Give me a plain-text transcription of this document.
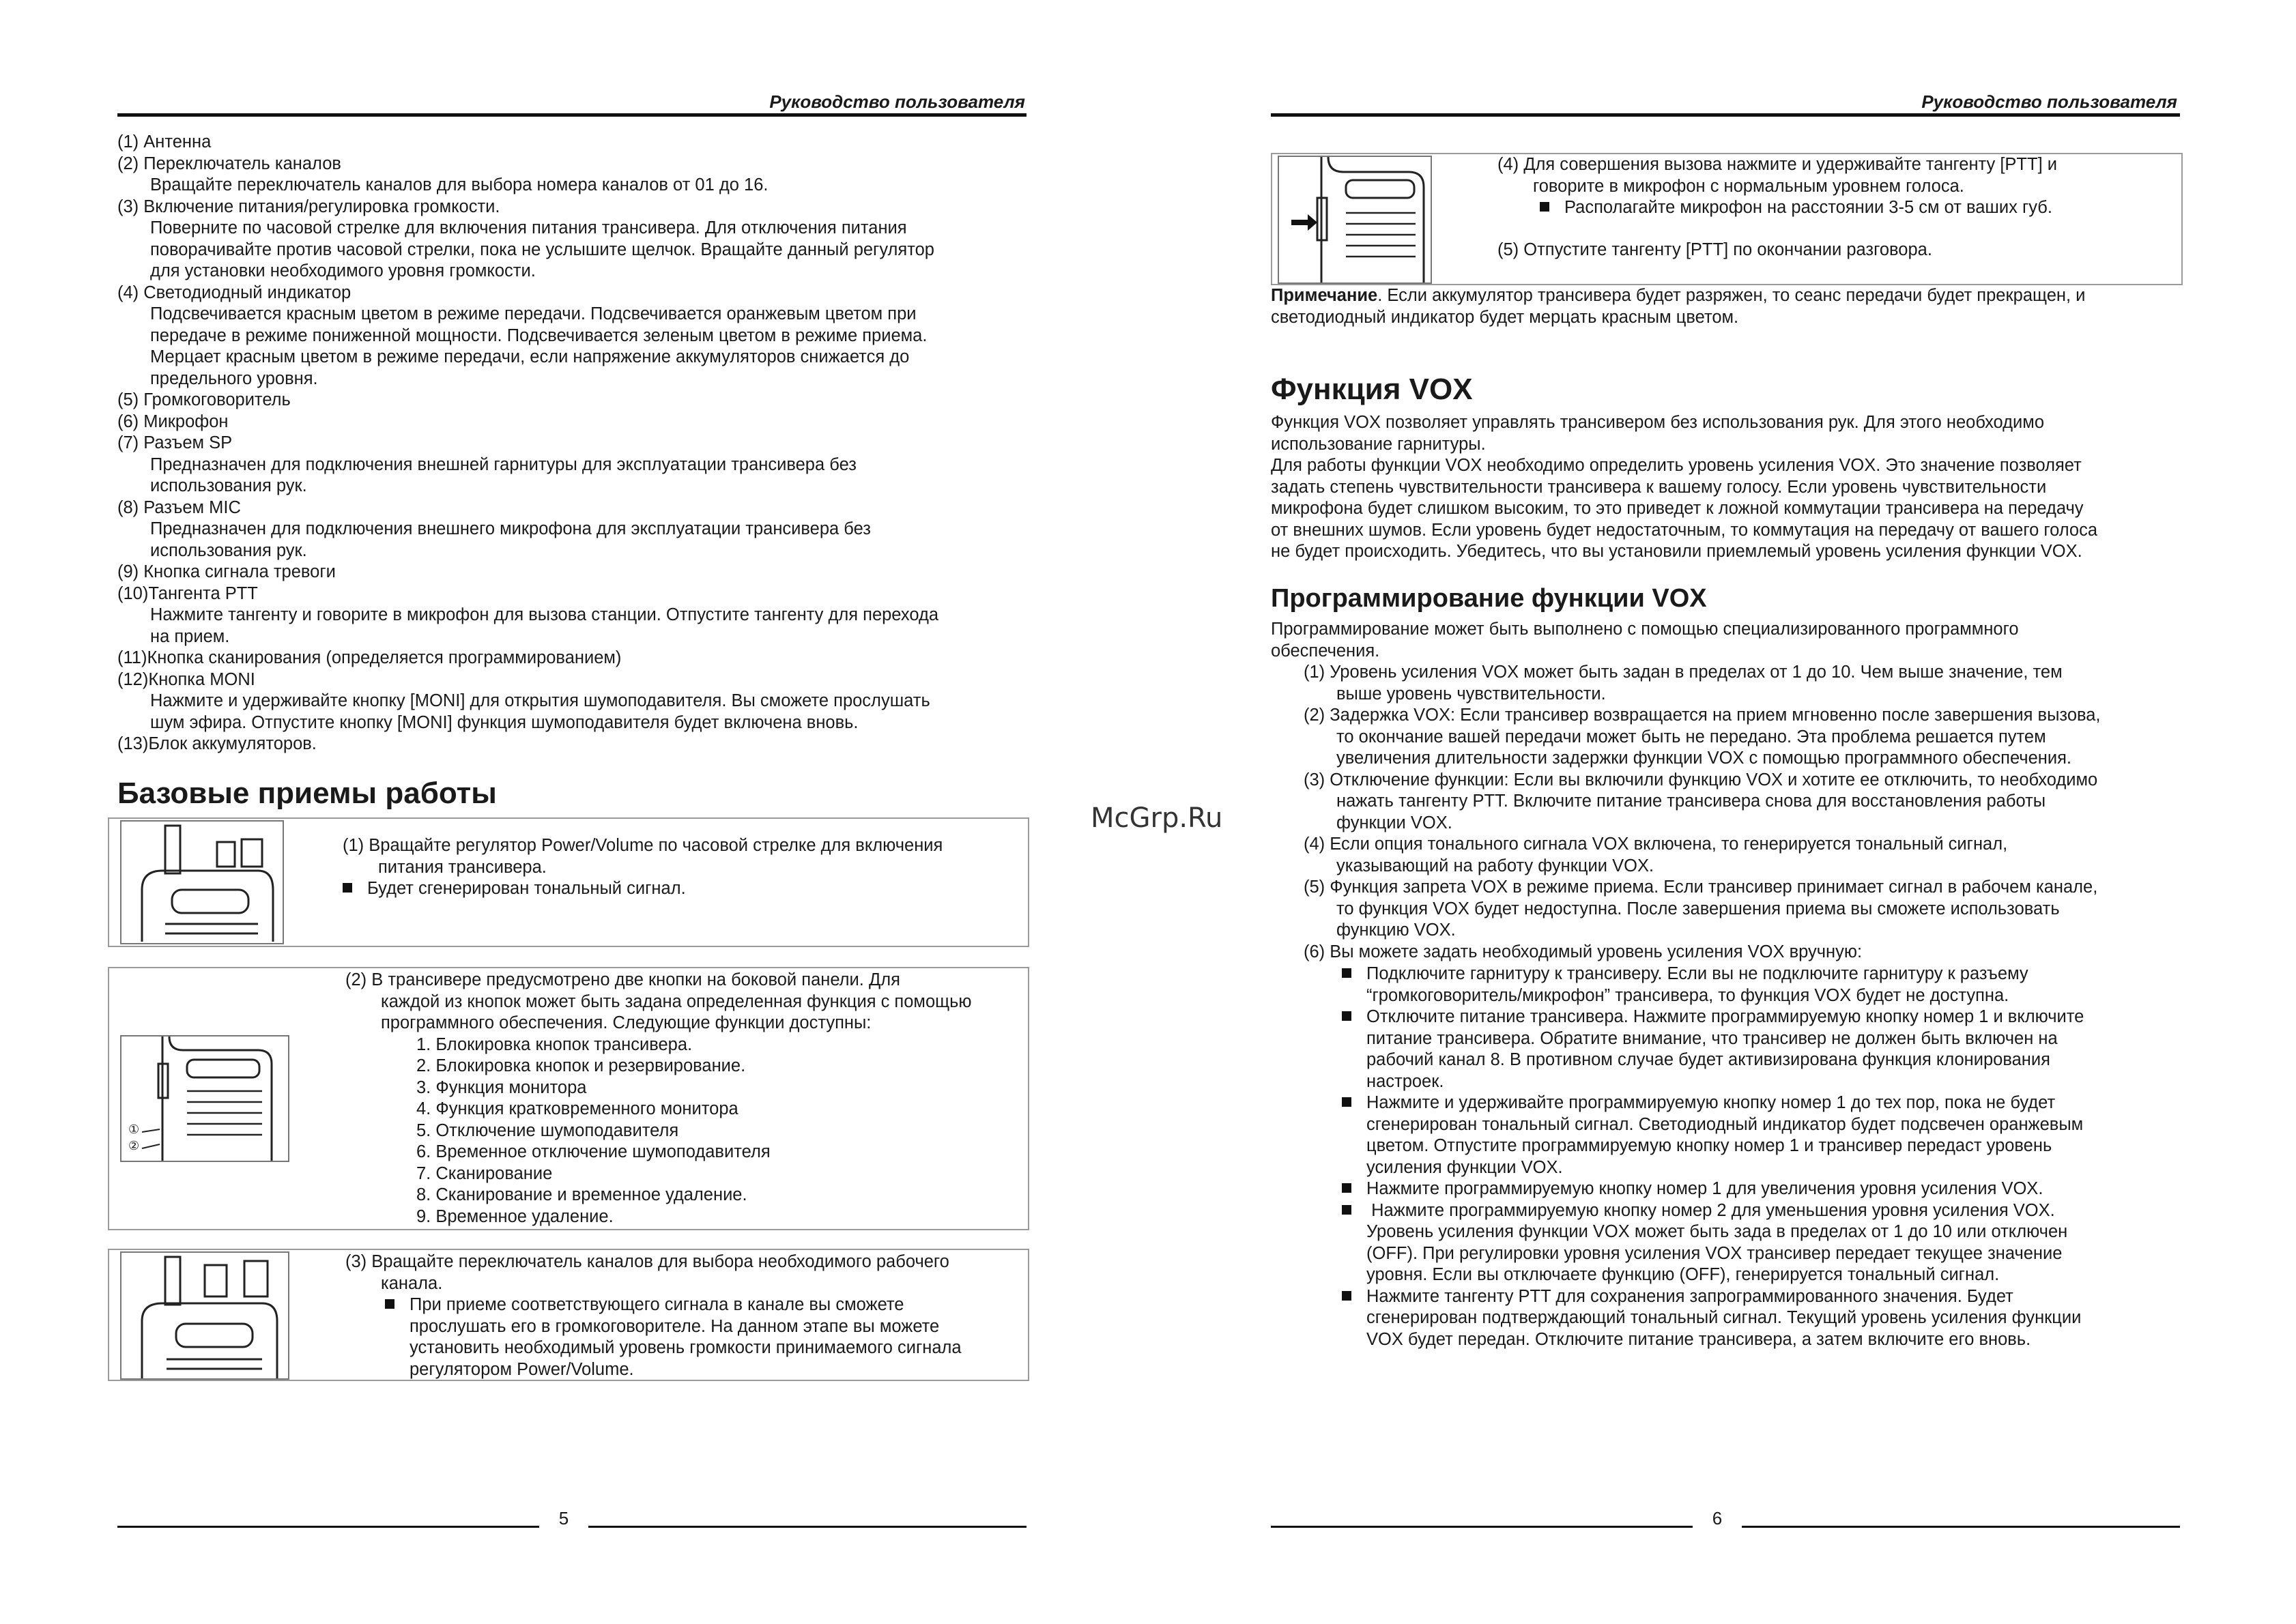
Руководство пользователя
(1) Антенна
(2) Переключатель каналов
Вращайте переключатель каналов для выбора номера каналов от 01 до 16.
(3) Включение питания/регулировка громкости.
Поверните по часовой стрелке для включения питания трансивера. Для отключения питания
поворачивайте против часовой стрелки, пока не услышите щелчок. Вращайте данный регулятор
для установки необходимого уровня громкости.
(4) Светодиодный индикатор
Подсвечивается красным цветом в режиме передачи. Подсвечивается оранжевым цветом при
передаче в режиме пониженной мощности. Подсвечивается зеленым цветом в режиме приема.
Мерцает красным цветом в режиме передачи, если напряжение аккумуляторов снижается до
предельного уровня.
(5) Громкоговоритель
(6) Микрофон
(7) Разъем SP
Предназначен для подключения внешней гарнитуры для эксплуатации трансивера без
использования рук.
(8) Разъем MIC
Предназначен для подключения внешнего микрофона для эксплуатации трансивера без
использования рук.
(9) Кнопка сигнала тревоги
(10)Тангента PTT
Нажмите тангенту и говорите в микрофон для вызова станции. Отпустите тангенту для перехода
на прием.
(11)Кнопка сканирования (определяется программированием)
(12)Кнопка MONI
Нажмите и удерживайте кнопку [MONI] для открытия шумоподавителя. Вы сможете прослушать
шум эфира. Отпустите кнопку [MONI] функция шумоподавителя будет включена вновь.
(13)Блок аккумуляторов.
Базовые приемы работы
(1) Вращайте регулятор Power/Volume по часовой стрелке для включения
питания трансивера.
Будет сгенерирован тональный сигнал.
①
②
(2) В трансивере предусмотрено две кнопки на боковой панели. Для
каждой из кнопок может быть задана определенная функция с помощью
программного обеспечения. Следующие функции доступны:
1. Блокировка кнопок трансивера.
2. Блокировка кнопок и резервирование.
3. Функция монитора
4. Функция кратковременного монитора
5. Отключение шумоподавителя
6. Временное отключение шумоподавителя
7. Сканирование
8. Сканирование и временное удаление.
9. Временное удаление.
(3) Вращайте переключатель каналов для выбора необходимого рабочего
канала.
При приеме соответствующего сигнала в канале вы сможете
прослушать его в громкоговорителе. На данном этапе вы можете
установить необходимый уровень громкости принимаемого сигнала
регулятором Power/Volume.
5
McGrp.Ru
Руководство пользователя
(4) Для совершения вызова нажмите и удерживайте тангенту [PTT] и
говорите в микрофон с нормальным уровнем голоса.
Располагайте микрофон на расстоянии 3-5 см от ваших губ.
(5) Отпустите тангенту [PTT] по окончании разговора.
Примечание. Если аккумулятор трансивера будет разряжен, то сеанс передачи будет прекращен, и
светодиодный индикатор будет мерцать красным цветом.
Функция VOX
Функция VOX позволяет управлять трансивером без использования рук. Для этого необходимо
использование гарнитуры.
Для работы функции VOX необходимо определить уровень усиления VOX. Это значение позволяет
задать степень чувствительности трансивера к вашему голосу. Если уровень чувствительности
микрофона будет слишком высоким, то это приведет к ложной коммутации трансивера на передачу
от внешних шумов. Если уровень будет недостаточным, то коммутация на передачу от вашего голоса
не будет происходить. Убедитесь, что вы установили приемлемый уровень усиления функции VOX.
Программирование функции VOX
Программирование может быть выполнено с помощью специализированного программного
обеспечения.
(1) Уровень усиления VOX может быть задан в пределах от 1 до 10. Чем выше значение, тем
выше уровень чувствительности.
(2) Задержка VOX: Если трансивер возвращается на прием мгновенно после завершения вызова,
то окончание вашей передачи может быть не передано. Эта проблема решается путем
увеличения длительности задержки функции VOX с помощью программного обеспечения.
(3) Отключение функции: Если вы включили функцию VOX и хотите ее отключить, то необходимо
нажать тангенту PTT. Включите питание трансивера снова для восстановления работы
функции VOX.
(4) Если опция тонального сигнала VOX включена, то генерируется тональный сигнал,
указывающий на работу функции VOX.
(5) Функция запрета VOX в режиме приема. Если трансивер принимает сигнал в рабочем канале,
то функция VOX будет недоступна. После завершения приема вы сможете использовать
функцию VOX.
(6) Вы можете задать необходимый уровень усиления VOX вручную:
Подключите гарнитуру к трансиверу. Если вы не подключите гарнитуру к разъему
“громкоговоритель/микрофон” трансивера, то функция VOX будет не доступна.
Отключите питание трансивера. Нажмите программируемую кнопку номер 1 и включите
питание трансивера. Обратите внимание, что трансивер не должен быть включен на
рабочий канал 8. В противном случае будет активизирована функция клонирования
настроек.
Нажмите и удерживайте программируемую кнопку номер 1 до тех пор, пока не будет
сгенерирован тональный сигнал. Светодиодный индикатор будет подсвечен оранжевым
цветом. Отпустите программируемую кнопку номер 1 и трансивер передаст уровень
усиления функции VOX.
Нажмите программируемую кнопку номер 1 для увеличения уровня усиления VOX.
Нажмите программируемую кнопку номер 2 для уменьшения уровня усиления VOX.
Уровень усиления функции VOX может быть зада в пределах от 1 до 10 или отключен
(OFF). При регулировки уровня усиления VOX трансивер передает текущее значение
уровня. Если вы отключаете функцию (OFF), генерируется тональный сигнал.
Нажмите тангенту PTT для сохранения запрограммированного значения. Будет
сгенерирован подтверждающий тональный сигнал. Текущий уровень усиления функции
VOX будет передан. Отключите питание трансивера, а затем включите его вновь.
6
